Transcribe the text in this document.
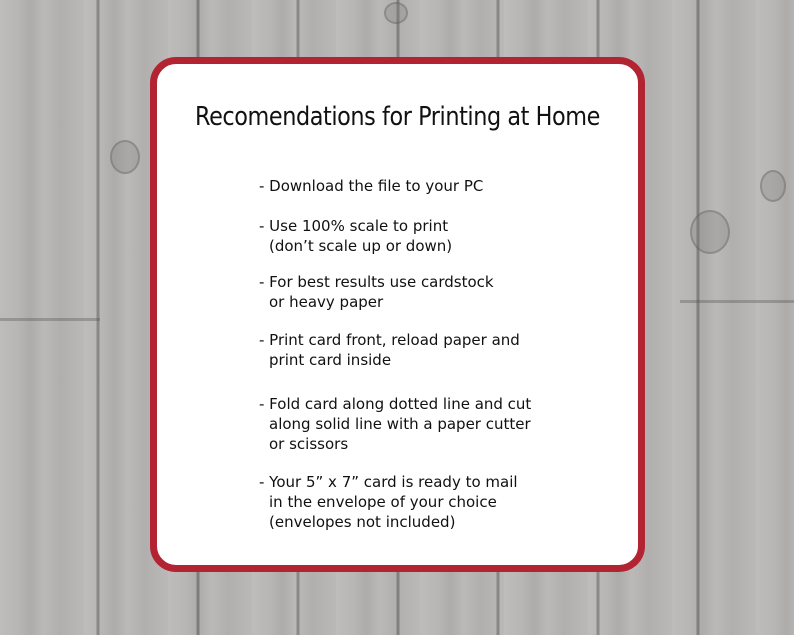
Recomendations for Printing at Home
- Download the file to your PC
- Use 100% scale to print
(don’t scale up or down)
- For best results use cardstock
or heavy paper
- Print card front, reload paper and
print card inside
- Fold card along dotted line and cut
along solid line with a paper cutter
or scissors
- Your 5” x 7” card is ready to mail
in the envelope of your choice
(envelopes not included)
